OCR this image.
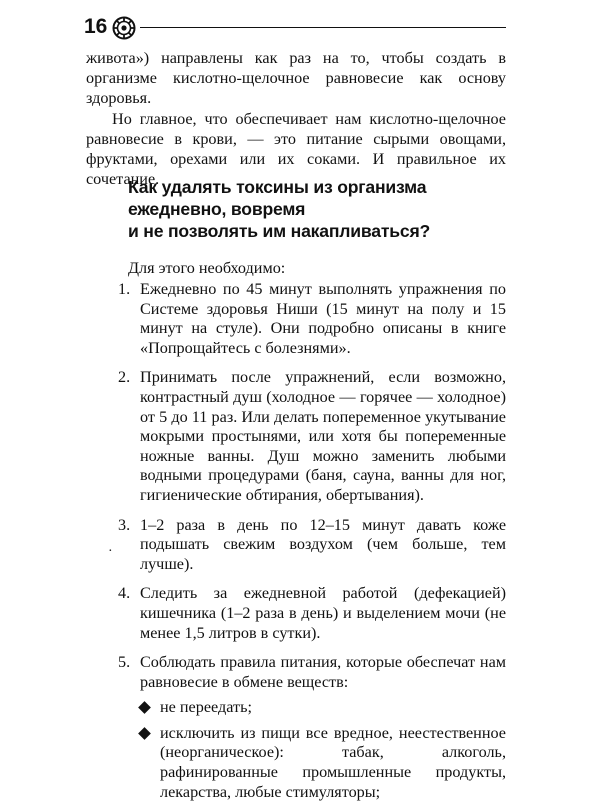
16

живота») направлены как раз на то, чтобы создать в организме кислотно-щелочное равновесие как основу здоровья.

Но главное, что обеспечивает нам кислотно-щелочное равновесие в крови, — это питание сырыми овощами, фруктами, орехами или их соками. И правильное их сочетание.

Как удалять токсины из организма
ежедневно, вовремя
и не позволять им накапливаться?
Для этого необходимо:
·
1. Ежедневно по 45 минут выполнять упражнения по Системе здоровья Ниши (15 минут на полу и 15 минут на стуле). Они подробно описаны в книге «Попрощайтесь с болезнями».
2. Принимать после упражнений, если возможно, контрастный душ (холодное — горячее — холодное) от 5 до 11 раз. Или делать попеременное укутывание мокрыми простынями, или хотя бы попеременные ножные ванны. Душ можно заменить любыми водными процедурами (баня, сауна, ванны для ног, гигиенические обтирания, обертывания).
3. 1–2 раза в день по 12–15 минут давать коже подышать свежим воздухом (чем больше, тем лучше).
4. Следить за ежедневной работой (дефекацией) кишечника (1–2 раза в день) и выделением мочи (не менее 1,5 литров в сутки).
5. Соблюдать правила питания, которые обеспечат нам равновесие в обмене веществ:
не переедать;
исключить из пищи все вредное, неестественное (неорганическое): табак, алкоголь, рафинированные промышленные продукты, лекарства, любые стимуляторы;
